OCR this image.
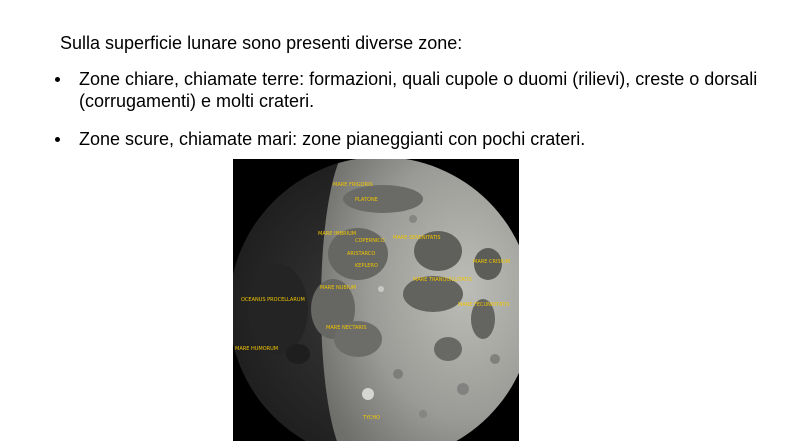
Sulla superficie lunare sono presenti diverse zone:
Zone chiare, chiamate terre: formazioni, quali cupole o duomi (rilievi), creste o dorsali (corrugamenti) e molti crateri.
Zone scure, chiamate mari: zone pianeggianti con pochi crateri.
MARE FRIGORIS
PLATONE
MARE IMBRIUM
COPERNICO
ARISTARCO
KEPLERO
MARE SERENITATIS
MARE CRISIUM
MARE TRANQUILLITATIS
OCEANUS PROCELLARUM
MARE NUBIUM
MARE FECUNDITATIS
MARE HUMORUM
MARE NECTARIS
TYCHO
